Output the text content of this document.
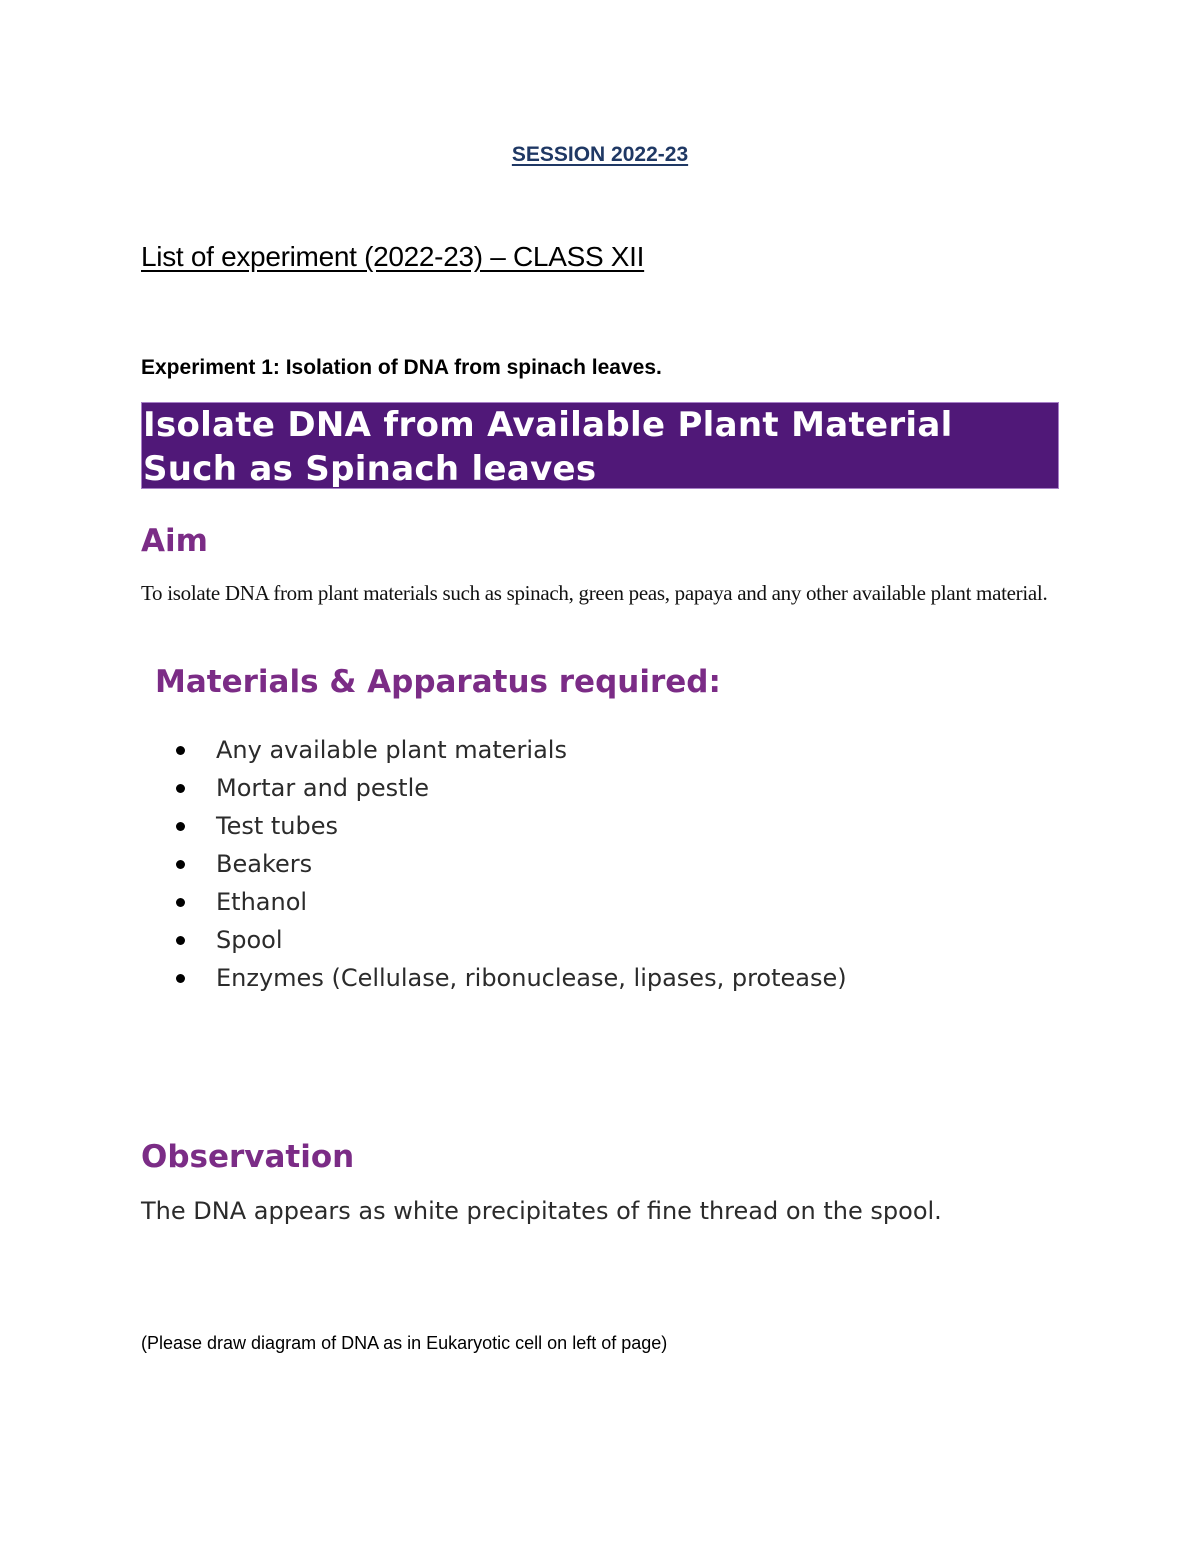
SESSION 2022-23
List of experiment (2022-23) – CLASS XII
Experiment 1: Isolation of DNA from spinach leaves.
Isolate DNA from Available Plant Material
Such as Spinach leaves
Aim
To isolate DNA from plant materials such as spinach, green peas, papaya and any other available plant material.
Materials & Apparatus required:
Any available plant materials
Mortar and pestle
Test tubes
Beakers
Ethanol
Spool
Enzymes (Cellulase, ribonuclease, lipases, protease)
Observation
The DNA appears as white precipitates of fine thread on the spool.
(Please draw diagram of DNA as in Eukaryotic cell on left of page)
